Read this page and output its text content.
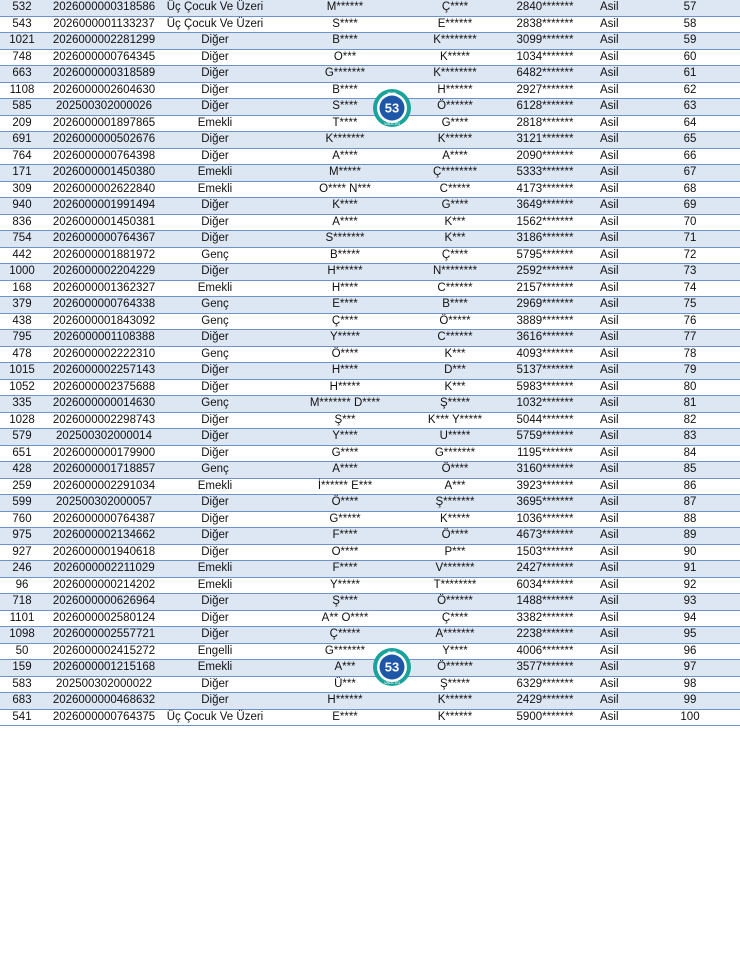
532	2026000000318586	Üç Çocuk Ve Üzeri	M******	Ç****	2840*******	Asil	57
543	2026000001133237	Üç Çocuk Ve Üzeri	S****	E******	2838*******	Asil	58
1021	2026000002281299	Diğer	B****	K********	3099*******	Asil	59
748	2026000000764345	Diğer	O***	K*****	1034*******	Asil	60
663	2026000000318589	Diğer	G*******	K********	6482*******	Asil	61
1108	2026000002604630	Diğer	B****	H******	2927*******	Asil	62
585	202500302000026	Diğer	S****	Ö******	6128*******	Asil	63
209	2026000001897865	Emekli	T****	G****	2818*******	Asil	64
691	2026000000502676	Diğer	K*******	K******	3121*******	Asil	65
764	2026000000764398	Diğer	A****	A****	2090*******	Asil	66
171	2026000001450380	Emekli	M*****	Ç********	5333*******	Asil	67
309	2026000002622840	Emekli	O**** N***	C*****	4173*******	Asil	68
940	2026000001991494	Diğer	K****	G****	3649*******	Asil	69
836	2026000001450381	Diğer	A****	K***	1562*******	Asil	70
754	2026000000764367	Diğer	S*******	K***	3186*******	Asil	71
442	2026000001881972	Genç	B*****	Ç****	5795*******	Asil	72
1000	2026000002204229	Diğer	H******	N********	2592*******	Asil	73
168	2026000001362327	Emekli	H****	C******	2157*******	Asil	74
379	2026000000764338	Genç	E****	B****	2969*******	Asil	75
438	2026000001843092	Genç	Ç****	Ö*****	3889*******	Asil	76
795	2026000001108388	Diğer	Y*****	C******	3616*******	Asil	77
478	2026000002222310	Genç	Ö****	K***	4093*******	Asil	78
1015	2026000002257143	Diğer	H****	D***	5137*******	Asil	79
1052	2026000002375688	Diğer	H*****	K***	5983*******	Asil	80
335	2026000000014630	Genç	M******* D****	Ş*****	1032*******	Asil	81
1028	2026000002298743	Diğer	Ş***	K*** Y*****	5044*******	Asil	82
579	202500302000014	Diğer	Y****	U*****	5759*******	Asil	83
651	2026000000179900	Diğer	G****	G*******	1195*******	Asil	84
428	2026000001718857	Genç	A****	Ö****	3160*******	Asil	85
259	2026000002291034	Emekli	İ****** E***	A***	3923*******	Asil	86
599	202500302000057	Diğer	Ö****	Ş*******	3695*******	Asil	87
760	2026000000764387	Diğer	G*****	K*****	1036*******	Asil	88
975	2026000002134662	Diğer	F****	Ö****	4673*******	Asil	89
927	2026000001940618	Diğer	O****	P***	1503*******	Asil	90
246	2026000002211029	Emekli	F****	V*******	2427*******	Asil	91
96	2026000000214202	Emekli	Y*****	T********	6034*******	Asil	92
718	2026000000626964	Diğer	Ş****	Ö******	1488*******	Asil	93
1101	2026000002580124	Diğer	A** O****	Ç****	3382*******	Asil	94
1098	2026000002557721	Diğer	Ç*****	A*******	2238*******	Asil	95
50	2026000002415272	Engelli	G*******	Y****	4006*******	Asil	96
159	2026000001215168	Emekli	A***	Ö******	3577*******	Asil	97
583	202500302000022	Diğer	Ü***	Ş*****	6329*******	Asil	98
683	2026000000468632	Diğer	H******	K******	2429*******	Asil	99
541	2026000000764375	Üç Çocuk Ve Üzeri	E****	K******	5900*******	Asil	100
53
RİZE
VALİLİĞİ
53
RİZE
VALİLİĞİ
